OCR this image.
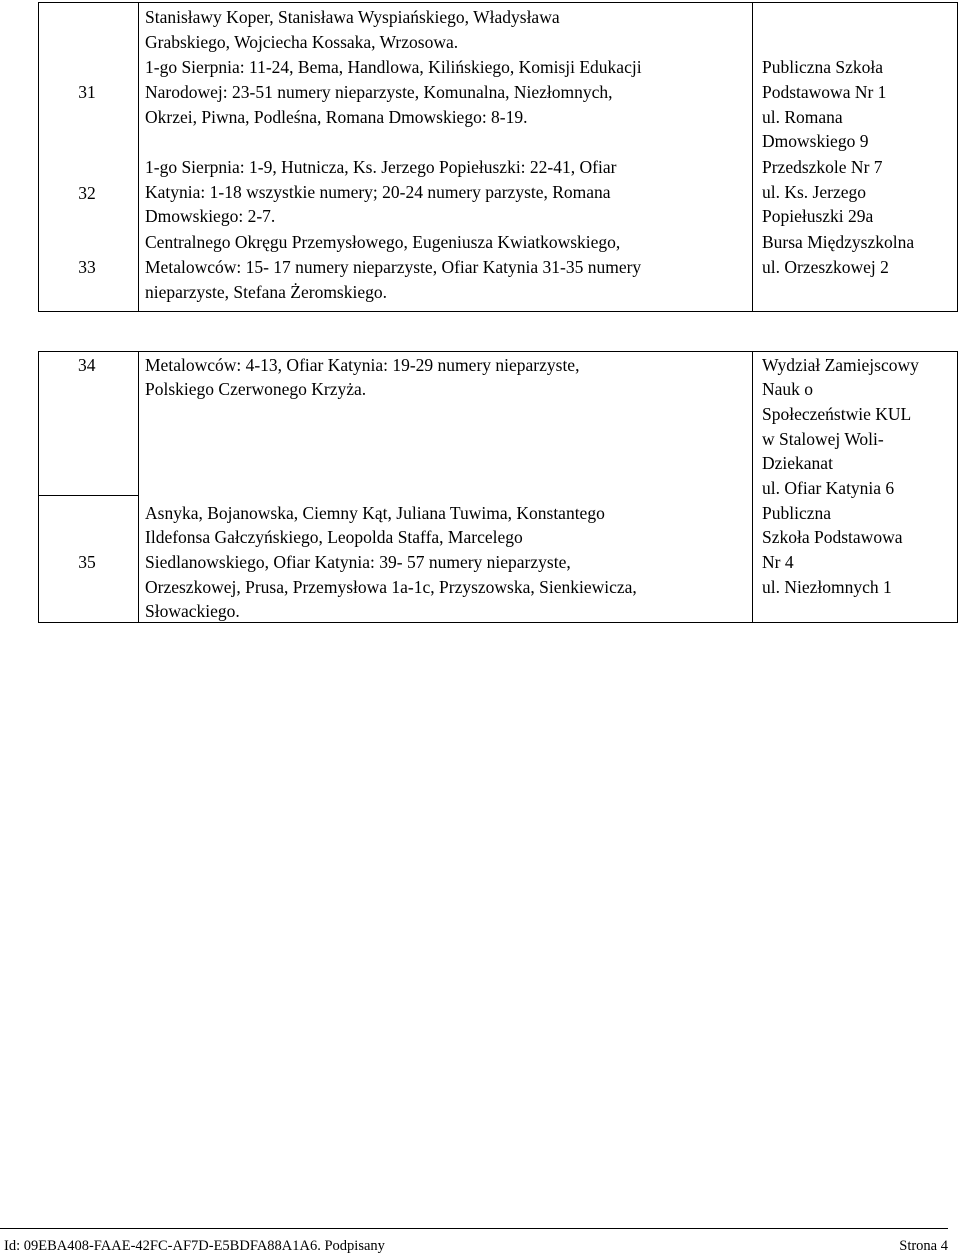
31
Stanisławy Koper, Stanisława Wyspiańskiego, Władysława
Grabskiego, Wojciecha Kossaka, Wrzosowa.
1-go Sierpnia: 11-24, Bema, Handlowa, Kilińskiego, Komisji Edukacji
Narodowej: 23-51 numery nieparzyste, Komunalna, Niezłomnych,
Okrzei, Piwna, Podleśna, Romana Dmowskiego: 8-19.
Publiczna Szkoła
Podstawowa Nr 1
ul. Romana
Dmowskiego 9
32
1-go Sierpnia: 1-9, Hutnicza, Ks. Jerzego Popiełuszki: 22-41, Ofiar
Katynia: 1-18 wszystkie numery; 20-24 numery parzyste, Romana
Dmowskiego: 2-7.
Przedszkole Nr 7
ul. Ks. Jerzego
Popiełuszki 29a
33
Centralnego Okręgu Przemysłowego, Eugeniusza Kwiatkowskiego,
Metalowców: 15- 17 numery nieparzyste, Ofiar Katynia 31-35 numery
nieparzyste, Stefana Żeromskiego.
Bursa Międzyszkolna
ul. Orzeszkowej 2
34	Metalowców: 4-13, Ofiar Katynia: 19-29 numery nieparzyste,
Polskiego Czerwonego Krzyża.
Wydział Zamiejscowy
Nauk o
Społeczeństwie KUL
w Stalowej Woli-
Dziekanat
ul. Ofiar Katynia 6
35
Asnyka, Bojanowska, Ciemny Kąt, Juliana Tuwima, Konstantego
Ildefonsa Gałczyńskiego, Leopolda Staffa, Marcelego
Siedlanowskiego, Ofiar Katynia: 39- 57 numery nieparzyste,
Orzeszkowej, Prusa, Przemysłowa 1a-1c, Przyszowska, Sienkiewicza,
Słowackiego.
Publiczna
Szkoła Podstawowa
Nr 4
ul. Niezłomnych 1
Id: 09EBA408-FAAE-42FC-AF7D-E5BDFA88A1A6. Podpisany	Strona 4
